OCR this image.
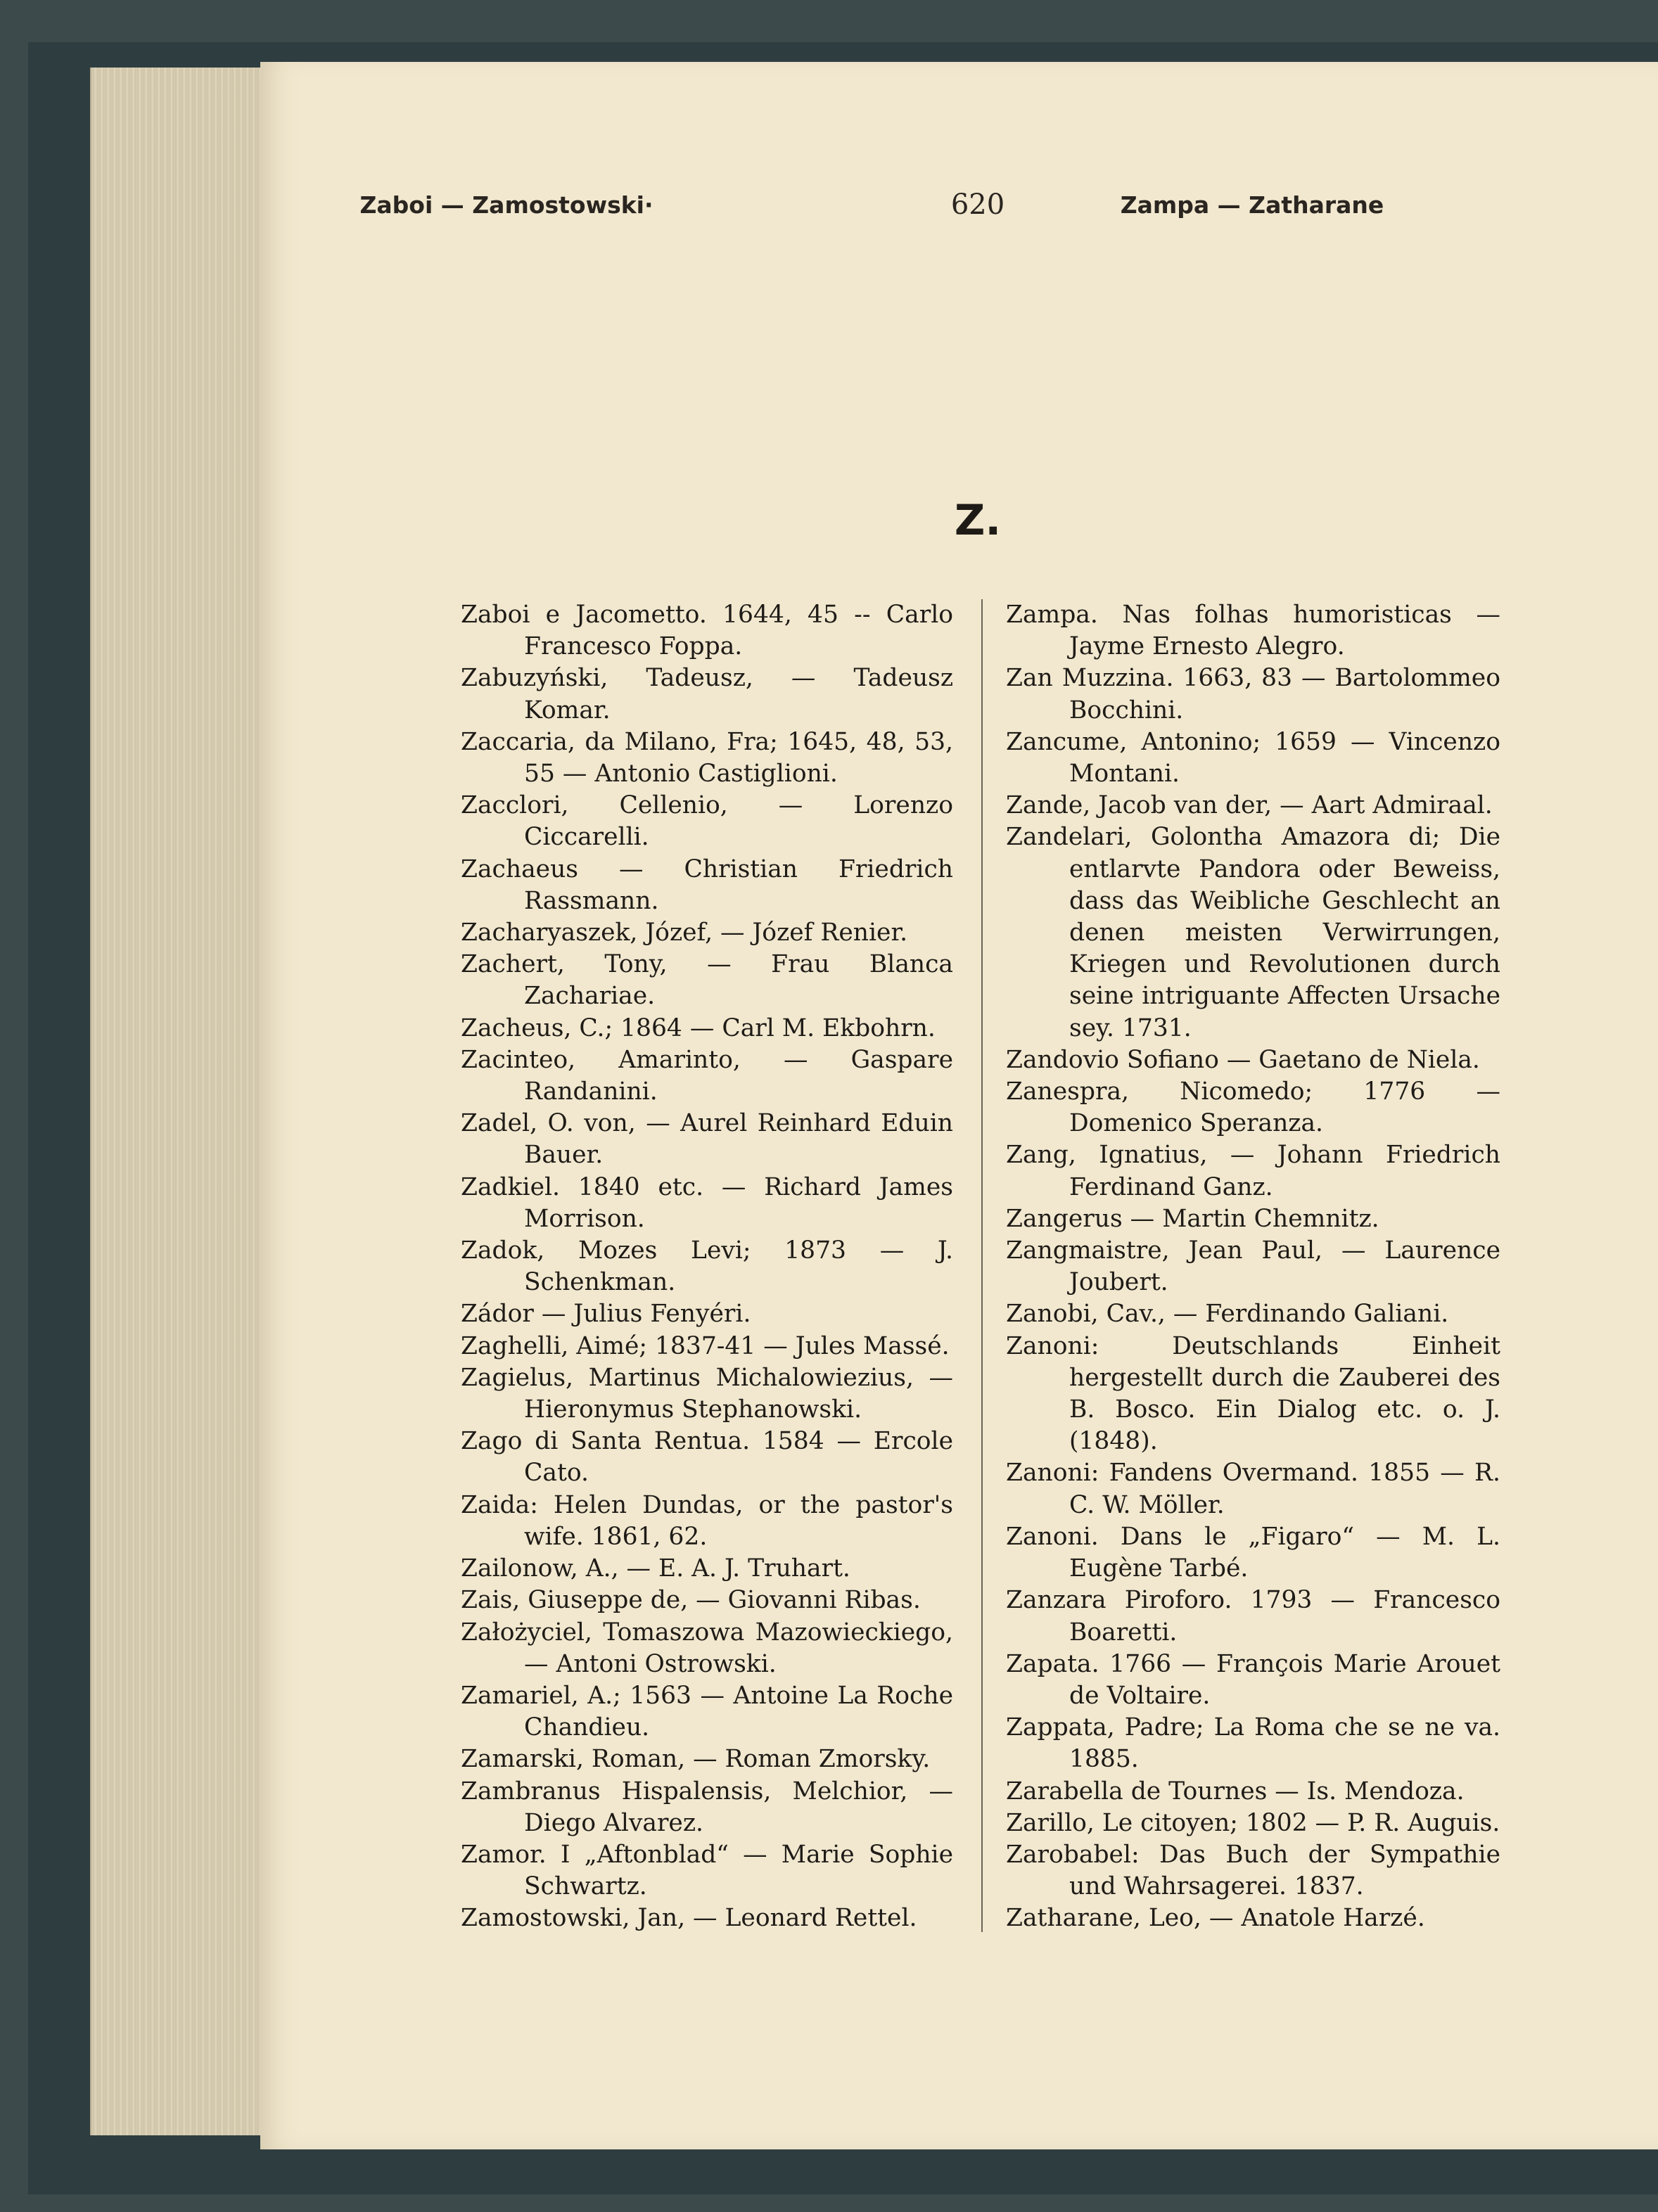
Zaboi — Zamostowski·	620	Zampa — Zatharane
Z.
Zaboi e Jacometto. 1644, 45 -- Carlo Francesco Foppa.
Zabuzyński, Tadeusz, — Tadeusz Komar.
Zaccaria, da Milano, Fra; 1645, 48, 53, 55 — Antonio Castiglioni.
Zacclori, Cellenio, — Lorenzo Ciccarelli.
Zachaeus — Christian Friedrich Rassmann.
Zacharyaszek, Józef, — Józef Renier.
Zachert, Tony, — Frau Blanca Zachariae.
Zacheus, C.; 1864 — Carl M. Ekbohrn.
Zacinteo, Amarinto, — Gaspare Randanini.
Zadel, O. von, — Aurel Reinhard Eduin Bauer.
Zadkiel. 1840 etc. — Richard James Morrison.
Zadok, Mozes Levi; 1873 — J. Schenkman.
Zádor — Julius Fenyéri.
Zaghelli, Aimé; 1837-41 — Jules Massé.
Zagielus, Martinus Michalowiezius, — Hieronymus Stephanowski.
Zago di Santa Rentua. 1584 — Ercole Cato.
Zaida: Helen Dundas, or the pastor's wife. 1861, 62.
Zailonow, A., — E. A. J. Truhart.
Zais, Giuseppe de, — Giovanni Ribas.
Założyciel, Tomaszowa Mazowieckiego, — Antoni Ostrowski.
Zamariel, A.; 1563 — Antoine La Roche Chandieu.
Zamarski, Roman, — Roman Zmorsky.
Zambranus Hispalensis, Melchior, — Diego Alvarez.
Zamor. I „Aftonblad“ — Marie Sophie Schwartz.
Zamostowski, Jan, — Leonard Rettel.
Zampa. Nas folhas humoristicas — Jayme Ernesto Alegro.
Zan Muzzina. 1663, 83 — Bartolommeo Bocchini.
Zancume, Antonino; 1659 — Vincenzo Montani.
Zande, Jacob van der, — Aart Admiraal.
Zandelari, Golontha Amazora di; Die entlarvte Pandora oder Beweiss, dass das Weibliche Geschlecht an denen meisten Verwirrungen, Kriegen und Revolutionen durch seine intriguante Affecten Ursache sey. 1731.
Zandovio Sofiano — Gaetano de Niela.
Zanespra, Nicomedo; 1776 — Domenico Speranza.
Zang, Ignatius, — Johann Friedrich Ferdinand Ganz.
Zangerus — Martin Chemnitz.
Zangmaistre, Jean Paul, — Laurence Joubert.
Zanobi, Cav., — Ferdinando Galiani.
Zanoni: Deutschlands Einheit hergestellt durch die Zauberei des B. Bosco. Ein Dialog etc. o. J. (1848).
Zanoni: Fandens Overmand. 1855 — R. C. W. Möller.
Zanoni. Dans le „Figaro“ — M. L. Eugène Tarbé.
Zanzara Piroforo. 1793 — Francesco Boaretti.
Zapata. 1766 — François Marie Arouet de Voltaire.
Zappata, Padre; La Roma che se ne va. 1885.
Zarabella de Tournes — Is. Mendoza.
Zarillo, Le citoyen; 1802 — P. R. Auguis.
Zarobabel: Das Buch der Sympathie und Wahrsagerei. 1837.
Zatharane, Leo, — Anatole Harzé.
